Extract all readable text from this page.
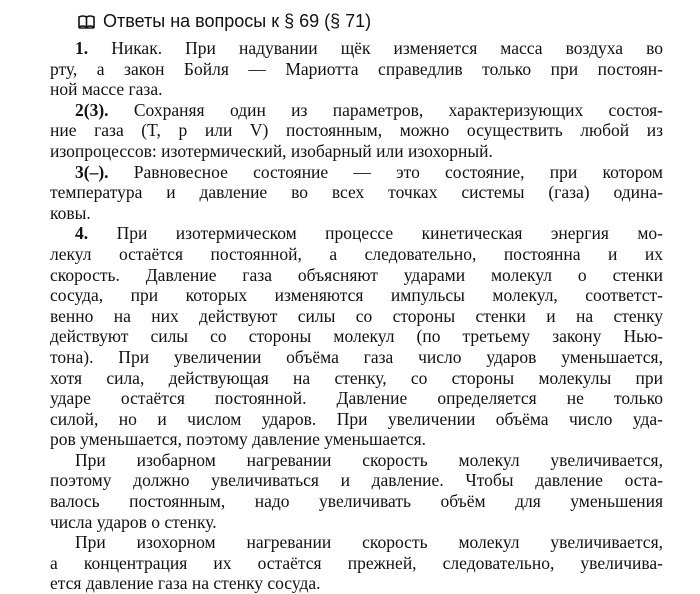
Ответы на вопросы к § 69 (§ 71)
1. Никак. При надувании щёк изменяется масса воздуха во
рту, а закон Бойля — Мариотта справедлив только при постоян-
ной массе газа.
2(3). Сохраняя один из параметров, характеризующих состоя-
ние газа (T, p или V) постоянным, можно осуществить любой из
изопроцессов: изотермический, изобарный или изохорный.
3(–). Равновесное состояние — это состояние, при котором
температура и давление во всех точках системы (газа) одина-
ковы.
4. При изотермическом процессе кинетическая энергия мо-
лекул остаётся постоянной, а следовательно, постоянна и их
скорость. Давление газа объясняют ударами молекул о стенки
сосуда, при которых изменяются импульсы молекул, соответст-
венно на них действуют силы со стороны стенки и на стенку
действуют силы со стороны молекул (по третьему закону Нью-
тона). При увеличении объёма газа число ударов уменьшается,
хотя сила, действующая на стенку, со стороны молекулы при
ударе остаётся постоянной. Давление определяется не только
силой, но и числом ударов. При увеличении объёма число уда-
ров уменьшается, поэтому давление уменьшается.
При изобарном нагревании скорость молекул увеличивается,
поэтому должно увеличиваться и давление. Чтобы давление оста-
валось постоянным, надо увеличивать объём для уменьшения
числа ударов о стенку.
При изохорном нагревании скорость молекул увеличивается,
а концентрация их остаётся прежней, следовательно, увеличива-
ется давление газа на стенку сосуда.
